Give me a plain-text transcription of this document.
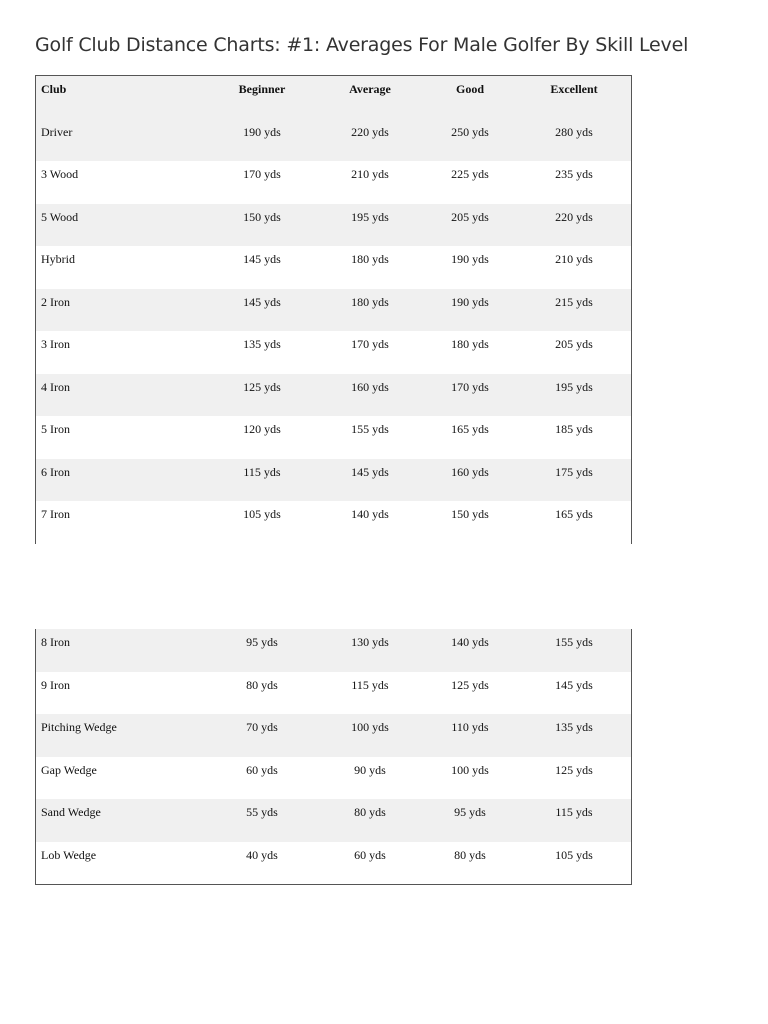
Golf Club Distance Charts: #1: Averages For Male Golfer By Skill Level
Club	Beginner	Average	Good	Excellent
Driver	190 yds	220 yds	250 yds	280 yds
3 Wood	170 yds	210 yds	225 yds	235 yds
5 Wood	150 yds	195 yds	205 yds	220 yds
Hybrid	145 yds	180 yds	190 yds	210 yds
2 Iron	145 yds	180 yds	190 yds	215 yds
3 Iron	135 yds	170 yds	180 yds	205 yds
4 Iron	125 yds	160 yds	170 yds	195 yds
5 Iron	120 yds	155 yds	165 yds	185 yds
6 Iron	115 yds	145 yds	160 yds	175 yds
7 Iron	105 yds	140 yds	150 yds	165 yds
8 Iron	95 yds	130 yds	140 yds	155 yds
9 Iron	80 yds	115 yds	125 yds	145 yds
Pitching Wedge	70 yds	100 yds	110 yds	135 yds
Gap Wedge	60 yds	90 yds	100 yds	125 yds
Sand Wedge	55 yds	80 yds	95 yds	115 yds
Lob Wedge	40 yds	60 yds	80 yds	105 yds
